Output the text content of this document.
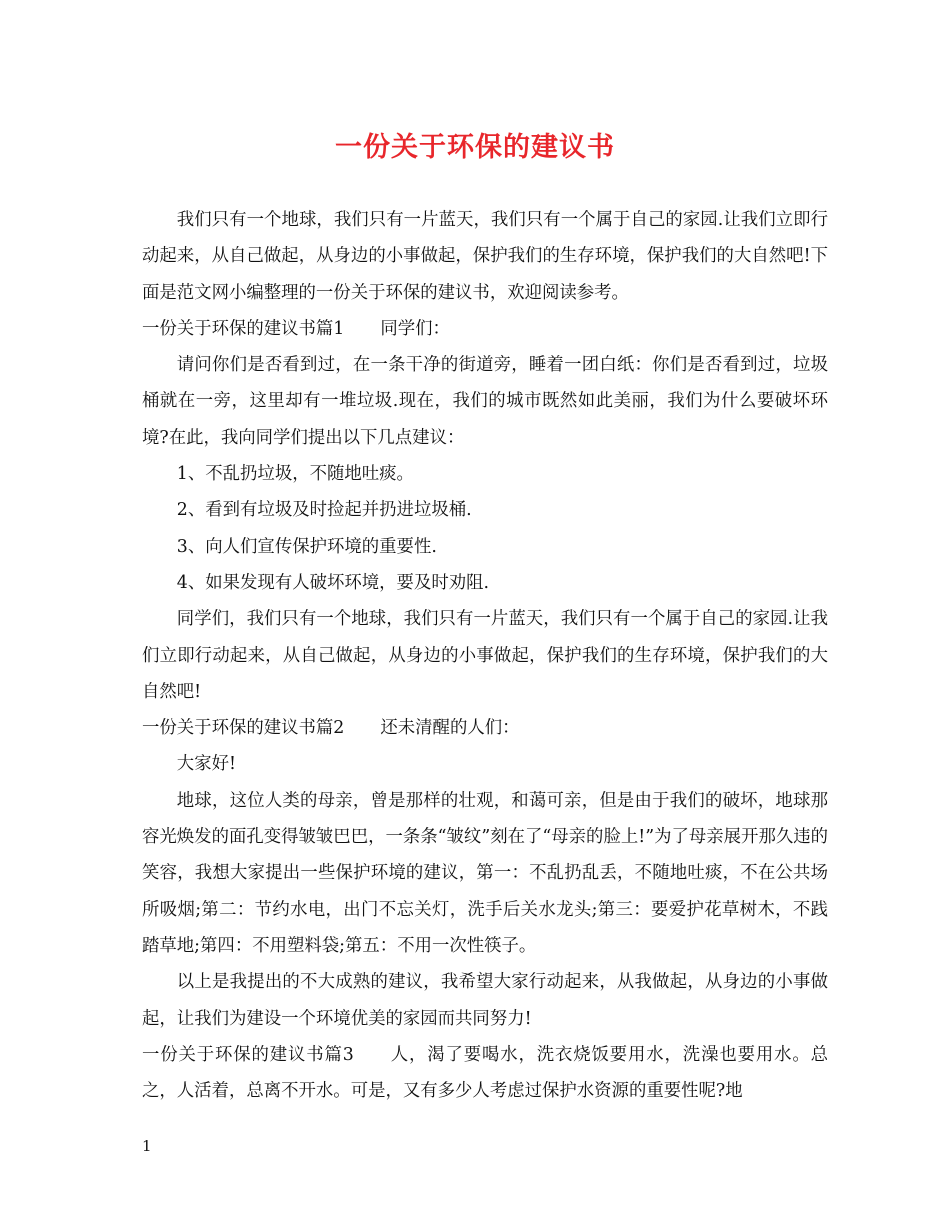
一份关于环保的建议书

我们只有一个地球，我们只有一片蓝天，我们只有一个属于自己的家园.让我们立即行动起来，从自己做起，从身边的小事做起，保护我们的生存环境，保护我们的大自然吧!下面是范文网小编整理的一份关于环保的建议书，欢迎阅读参考。

一份关于环保的建议书篇1 同学们：

请问你们是否看到过，在一条干净的街道旁，睡着一团白纸：你们是否看到过，垃圾桶就在一旁，这里却有一堆垃圾.现在，我们的城市既然如此美丽，我们为什么要破坏环境?在此，我向同学们提出以下几点建议：

1、不乱扔垃圾，不随地吐痰。

2、看到有垃圾及时捡起并扔进垃圾桶.

3、向人们宣传保护环境的重要性.

4、如果发现有人破坏环境，要及时劝阻.

同学们，我们只有一个地球，我们只有一片蓝天，我们只有一个属于自己的家园.让我们立即行动起来，从自己做起，从身边的小事做起，保护我们的生存环境，保护我们的大自然吧!

一份关于环保的建议书篇2 还未清醒的人们：

大家好!

地球，这位人类的母亲，曾是那样的壮观，和蔼可亲，但是由于我们的破坏，地球那容光焕发的面孔变得皱皱巴巴，一条条“皱纹”刻在了“母亲的脸上!”为了母亲展开那久违的笑容，我想大家提出一些保护环境的建议，第一：不乱扔乱丢，不随地吐痰，不在公共场所吸烟;第二：节约水电，出门不忘关灯，洗手后关水龙头;第三：要爱护花草树木，不践踏草地;第四：不用塑料袋;第五：不用一次性筷子。

以上是我提出的不大成熟的建议，我希望大家行动起来，从我做起，从身边的小事做起，让我们为建设一个环境优美的家园而共同努力!

一份关于环保的建议书篇3 人，渴了要喝水，洗衣烧饭要用水，洗澡也要用水。总之，人活着，总离不开水。可是，又有多少人考虑过保护水资源的重要性呢?地

1
